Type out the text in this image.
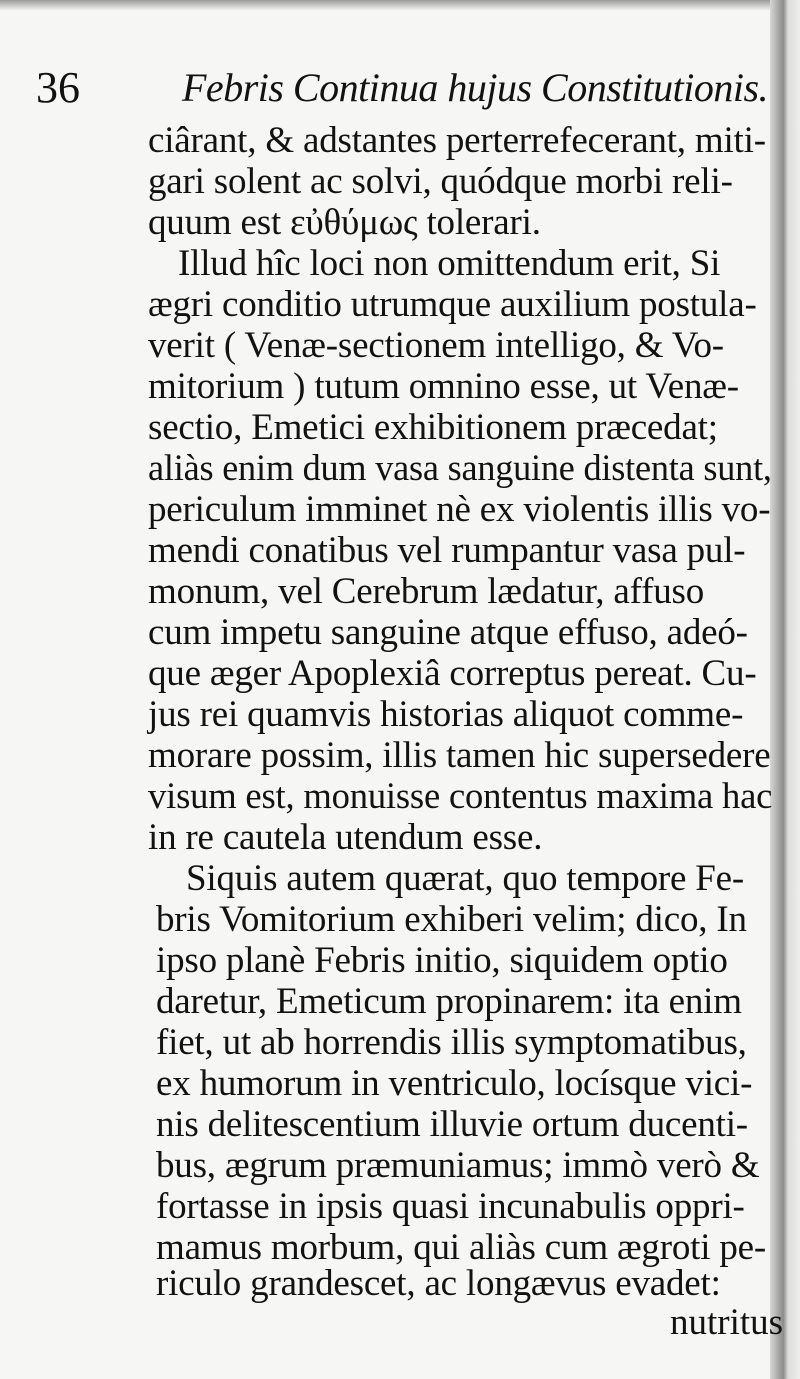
36	Febris Continua hujus Constitutionis.
ciârant, & adstantes perterrefecerant, miti-
gari solent ac solvi, quódque morbi reli-
quum est εὐθύμως tolerari.
Illud hîc loci non omittendum erit, Si
ægri conditio utrumque auxilium postula-
verit ( Venæ-sectionem intelligo, & Vo-
mitorium ) tutum omnino esse, ut Venæ-
sectio, Emetici exhibitionem præcedat;
aliàs enim dum vasa sanguine distenta sunt,
periculum imminet nè ex violentis illis vo-
mendi conatibus vel rumpantur vasa pul-
monum, vel Cerebrum lædatur, affuso
cum impetu sanguine atque effuso, adeó-
que æger Apoplexiâ correptus pereat. Cu-
jus rei quamvis historias aliquot comme-
morare possim, illis tamen hic supersedere
visum est, monuisse contentus maxima hac
in re cautela utendum esse.
Siquis autem quærat, quo tempore Fe-
bris Vomitorium exhiberi velim; dico, In
ipso planè Febris initio, siquidem optio
daretur, Emeticum propinarem: ita enim
fiet, ut ab horrendis illis symptomatibus,
ex humorum in ventriculo, locísque vici-
nis delitescentium illuvie ortum ducenti-
bus, ægrum præmuniamus; immò verò &
fortasse in ipsis quasi incunabulis oppri-
mamus morbum, qui aliàs cum ægroti pe-
riculo grandescet, ac longævus evadet:
nutritus
